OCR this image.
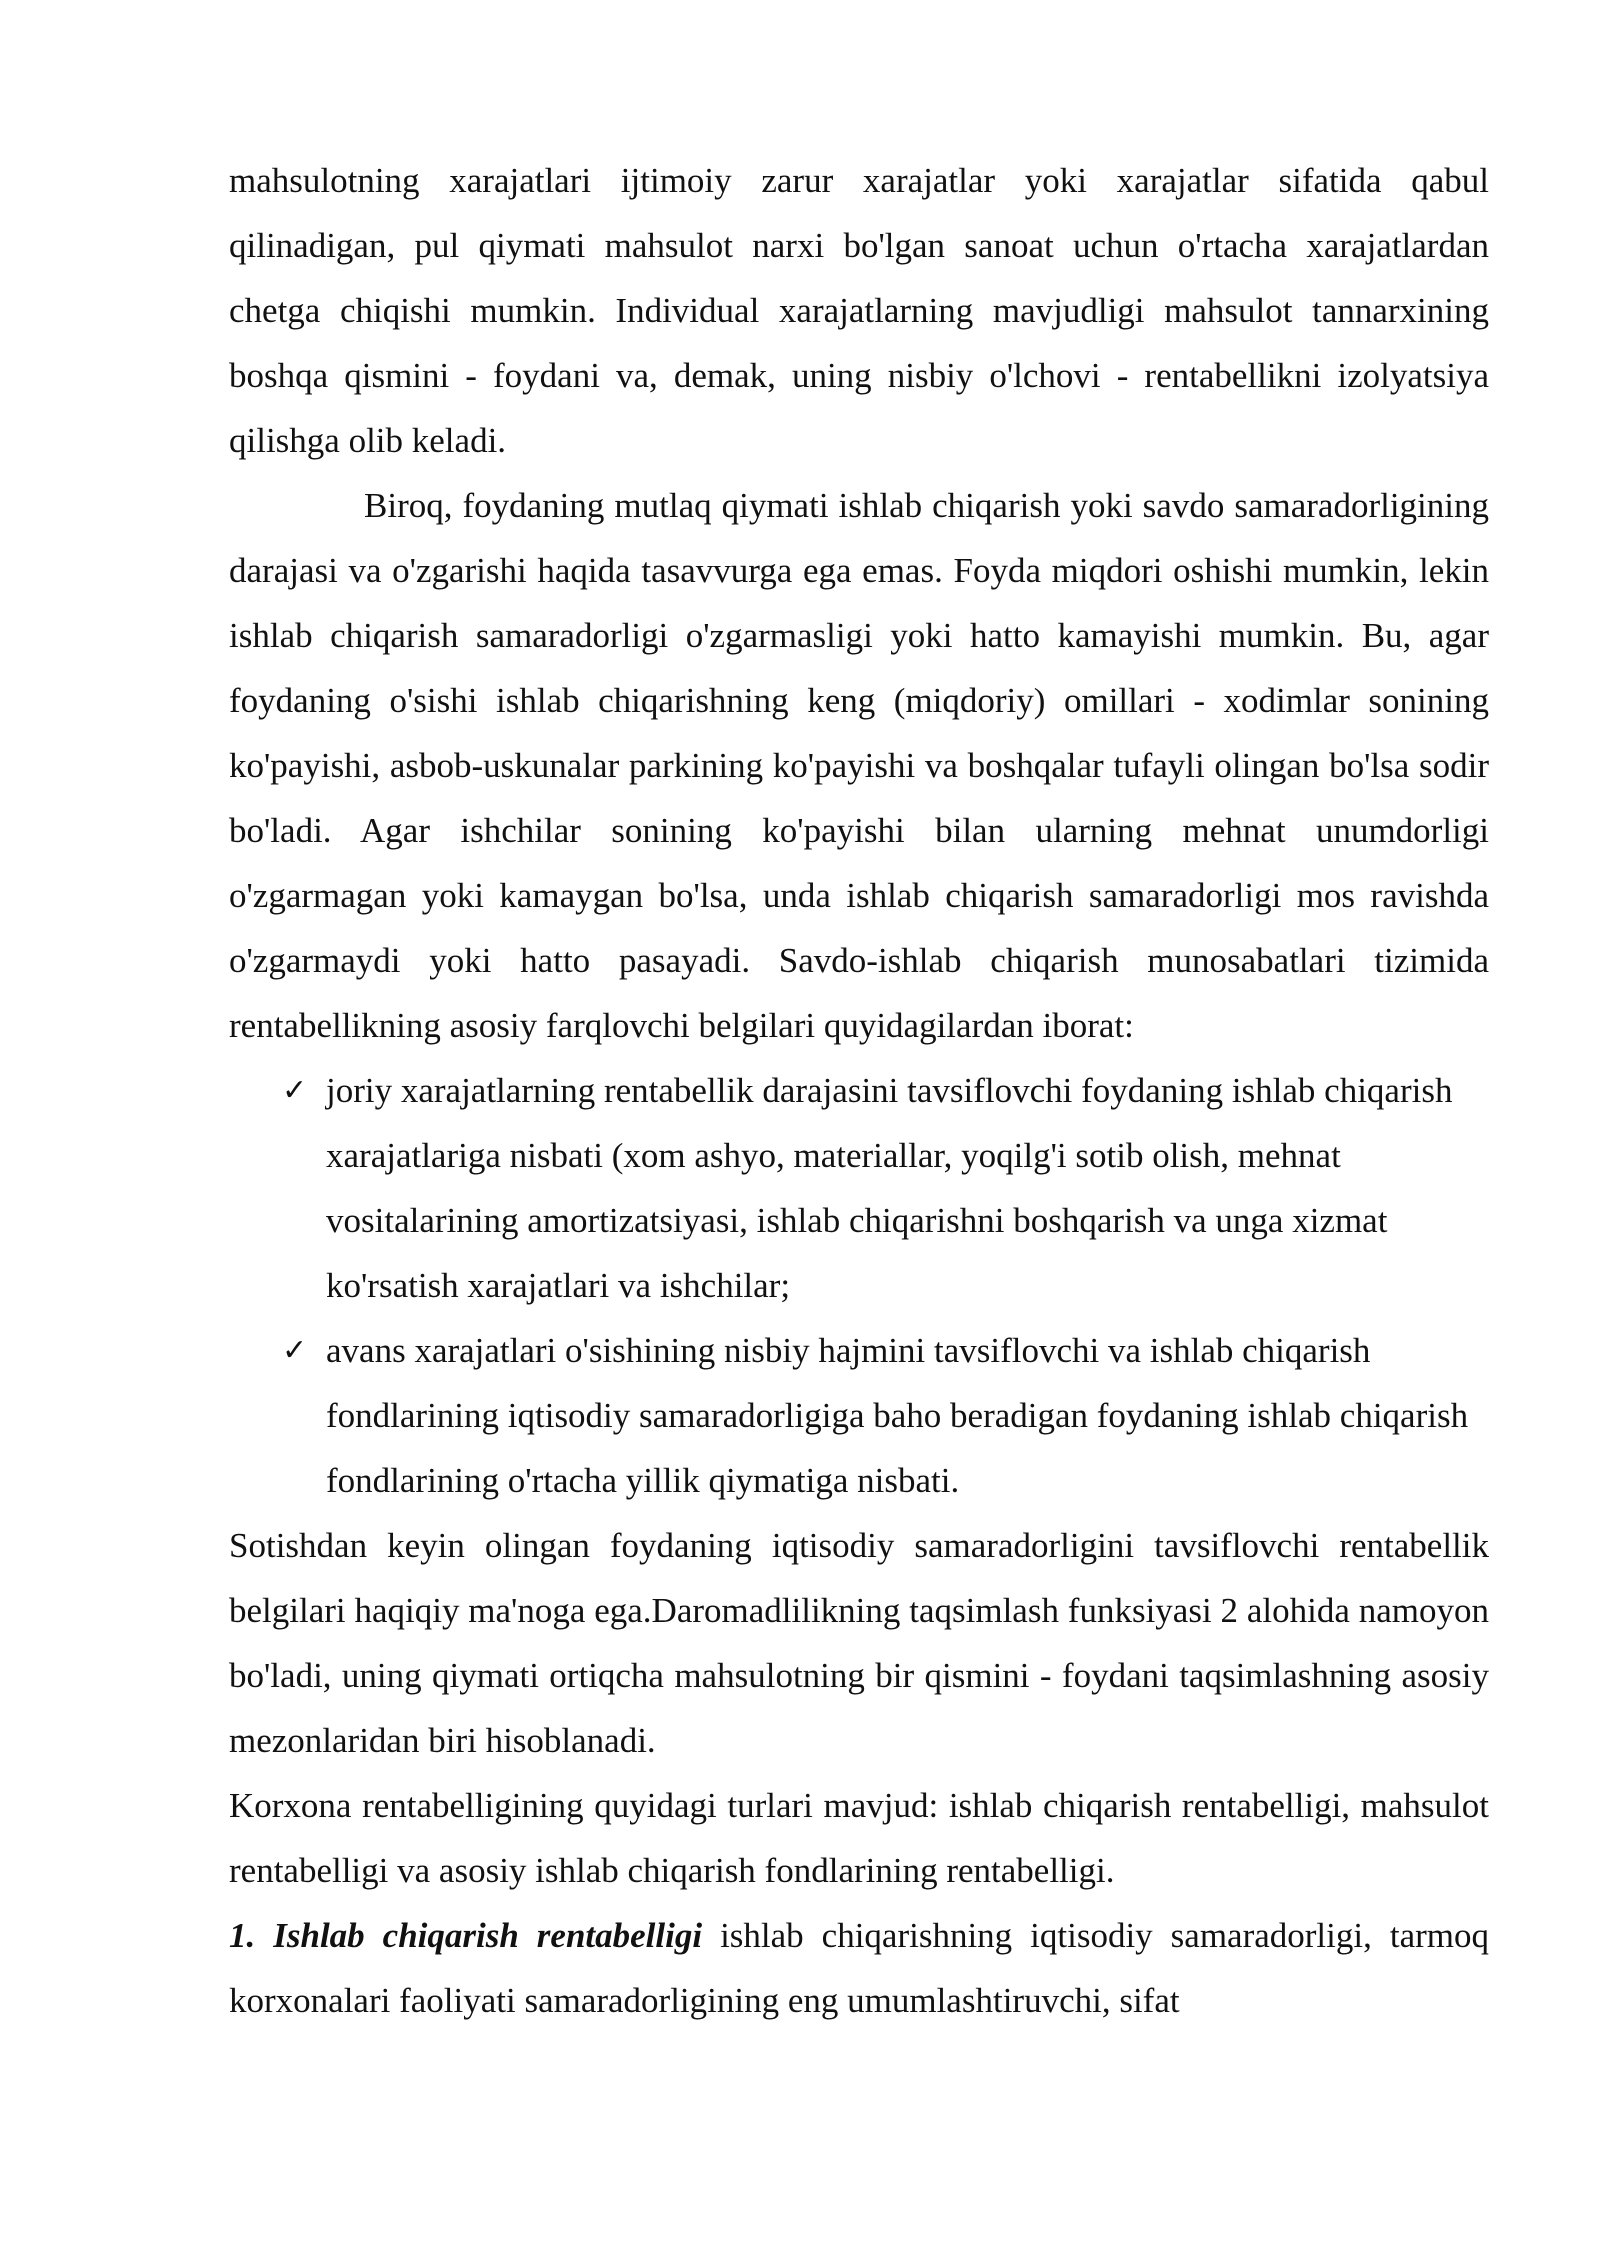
mahsulotning xarajatlari ijtimoiy zarur xarajatlar yoki xarajatlar sifatida qabul qilinadigan, pul qiymati mahsulot narxi bo'lgan sanoat uchun o'rtacha xarajatlardan chetga chiqishi mumkin. Individual xarajatlarning mavjudligi mahsulot tannarxining boshqa qismini - foydani va, demak, uning nisbiy o'lchovi - rentabellikni izolyatsiya qilishga olib keladi.

Biroq, foydaning mutlaq qiymati ishlab chiqarish yoki savdo samaradorligining darajasi va o'zgarishi haqida tasavvurga ega emas. Foyda miqdori oshishi mumkin, lekin ishlab chiqarish samaradorligi o'zgarmasligi yoki hatto kamayishi mumkin. Bu, agar foydaning o'sishi ishlab chiqarishning keng (miqdoriy) omillari - xodimlar sonining ko'payishi, asbob-uskunalar parkining ko'payishi va boshqalar tufayli olingan bo'lsa sodir bo'ladi. Agar ishchilar sonining ko'payishi bilan ularning mehnat unumdorligi o'zgarmagan yoki kamaygan bo'lsa, unda ishlab chiqarish samaradorligi mos ravishda o'zgarmaydi yoki hatto pasayadi. Savdo-ishlab chiqarish munosabatlari tizimida rentabellikning asosiy farqlovchi belgilari quyidagilardan iborat:

✓ joriy xarajatlarning rentabellik darajasini tavsiflovchi foydaning ishlab chiqarish xarajatlariga nisbati (xom ashyo, materiallar, yoqilg'i sotib olish, mehnat vositalarining amortizatsiyasi, ishlab chiqarishni boshqarish va unga xizmat ko'rsatish xarajatlari va ishchilar;
✓ avans xarajatlari o'sishining nisbiy hajmini tavsiflovchi va ishlab chiqarish fondlarining iqtisodiy samaradorligiga baho beradigan foydaning ishlab chiqarish fondlarining o'rtacha yillik qiymatiga nisbati.

Sotishdan keyin olingan foydaning iqtisodiy samaradorligini tavsiflovchi rentabellik belgilari haqiqiy ma'noga ega.Daromadlilikning taqsimlash funksiyasi 2 alohida namoyon bo'ladi, uning qiymati ortiqcha mahsulotning bir qismini - foydani taqsimlashning asosiy mezonlaridan biri hisoblanadi.

Korxona rentabelligining quyidagi turlari mavjud: ishlab chiqarish rentabelligi, mahsulot rentabelligi va asosiy ishlab chiqarish fondlarining rentabelligi.

1. Ishlab chiqarish rentabelligi ishlab chiqarishning iqtisodiy samaradorligi, tarmoq korxonalari faoliyati samaradorligining eng umumlashtiruvchi, sifat
